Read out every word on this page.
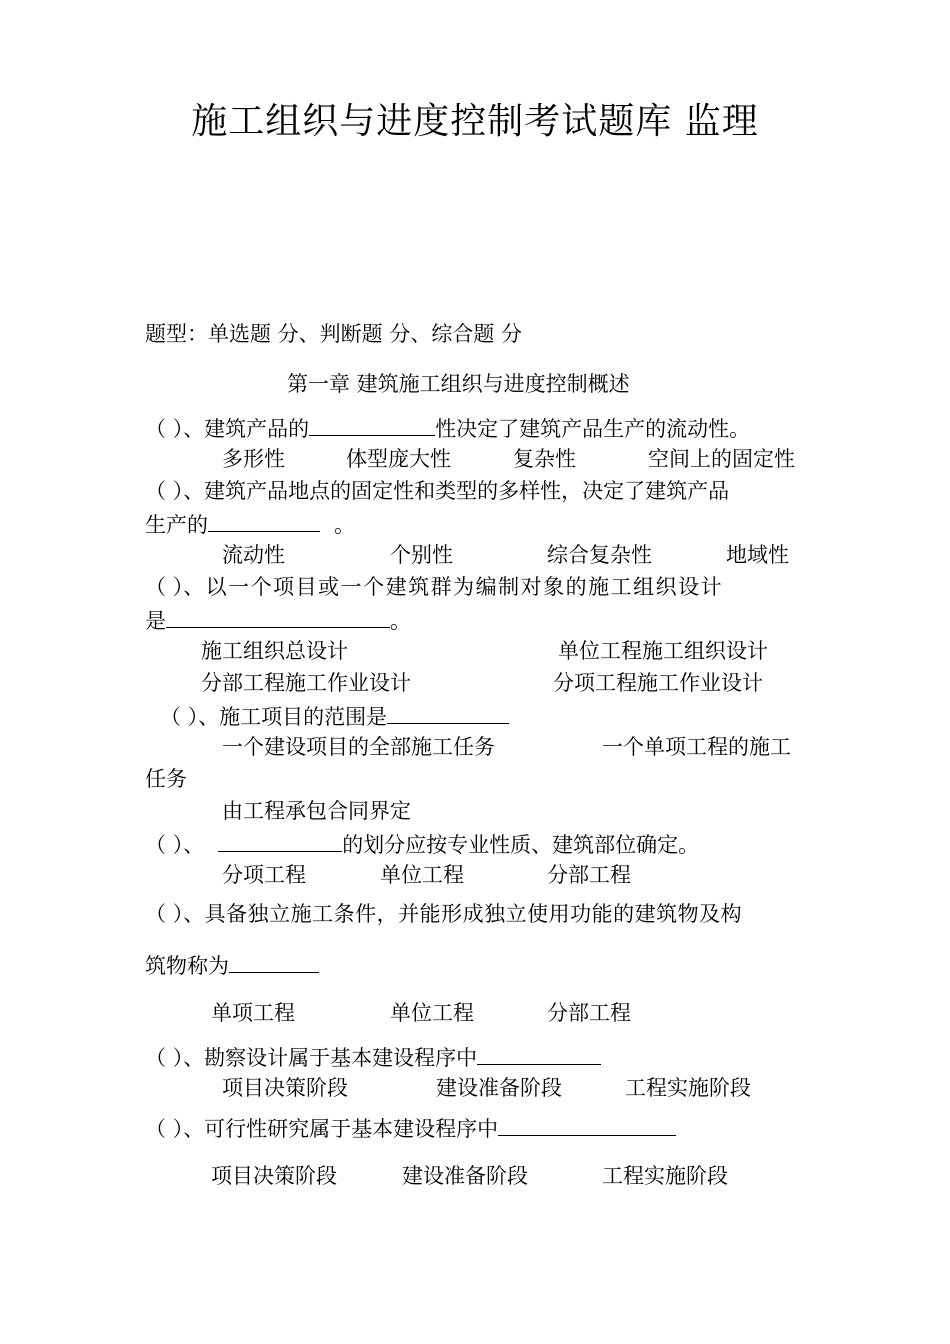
施工组织与进度控制考试题库 监理
题型：单选题 分、判断题 分、综合题 分
第一章 建筑施工组织与进度控制概述
（ ）、建筑产品的	性决定了建筑产品生产的流动性。
多形性	体型庞大性	复杂性	空间上的固定性
（ ）、建筑产品地点的固定性和类型的多样性，决定了建筑产品
生产的	。
流动性	个别性	综合复杂性	地域性
（ ）、以一个项目或一个建筑群为编制对象的施工组织设计
是	。
施工组织总设计	单位工程施工组织设计
分部工程施工作业设计	分项工程施工作业设计
（ ）、施工项目的范围是
一个建设项目的全部施工任务	一个单项工程的施工
任务
由工程承包合同界定
（ ）、	的划分应按专业性质、建筑部位确定。
分项工程	单位工程	分部工程
（ ）、具备独立施工条件，并能形成独立使用功能的建筑物及构
筑物称为
单项工程	单位工程	分部工程
（ ）、勘察设计属于基本建设程序中
项目决策阶段	建设准备阶段	工程实施阶段
（ ）、可行性研究属于基本建设程序中
项目决策阶段	建设准备阶段	工程实施阶段
